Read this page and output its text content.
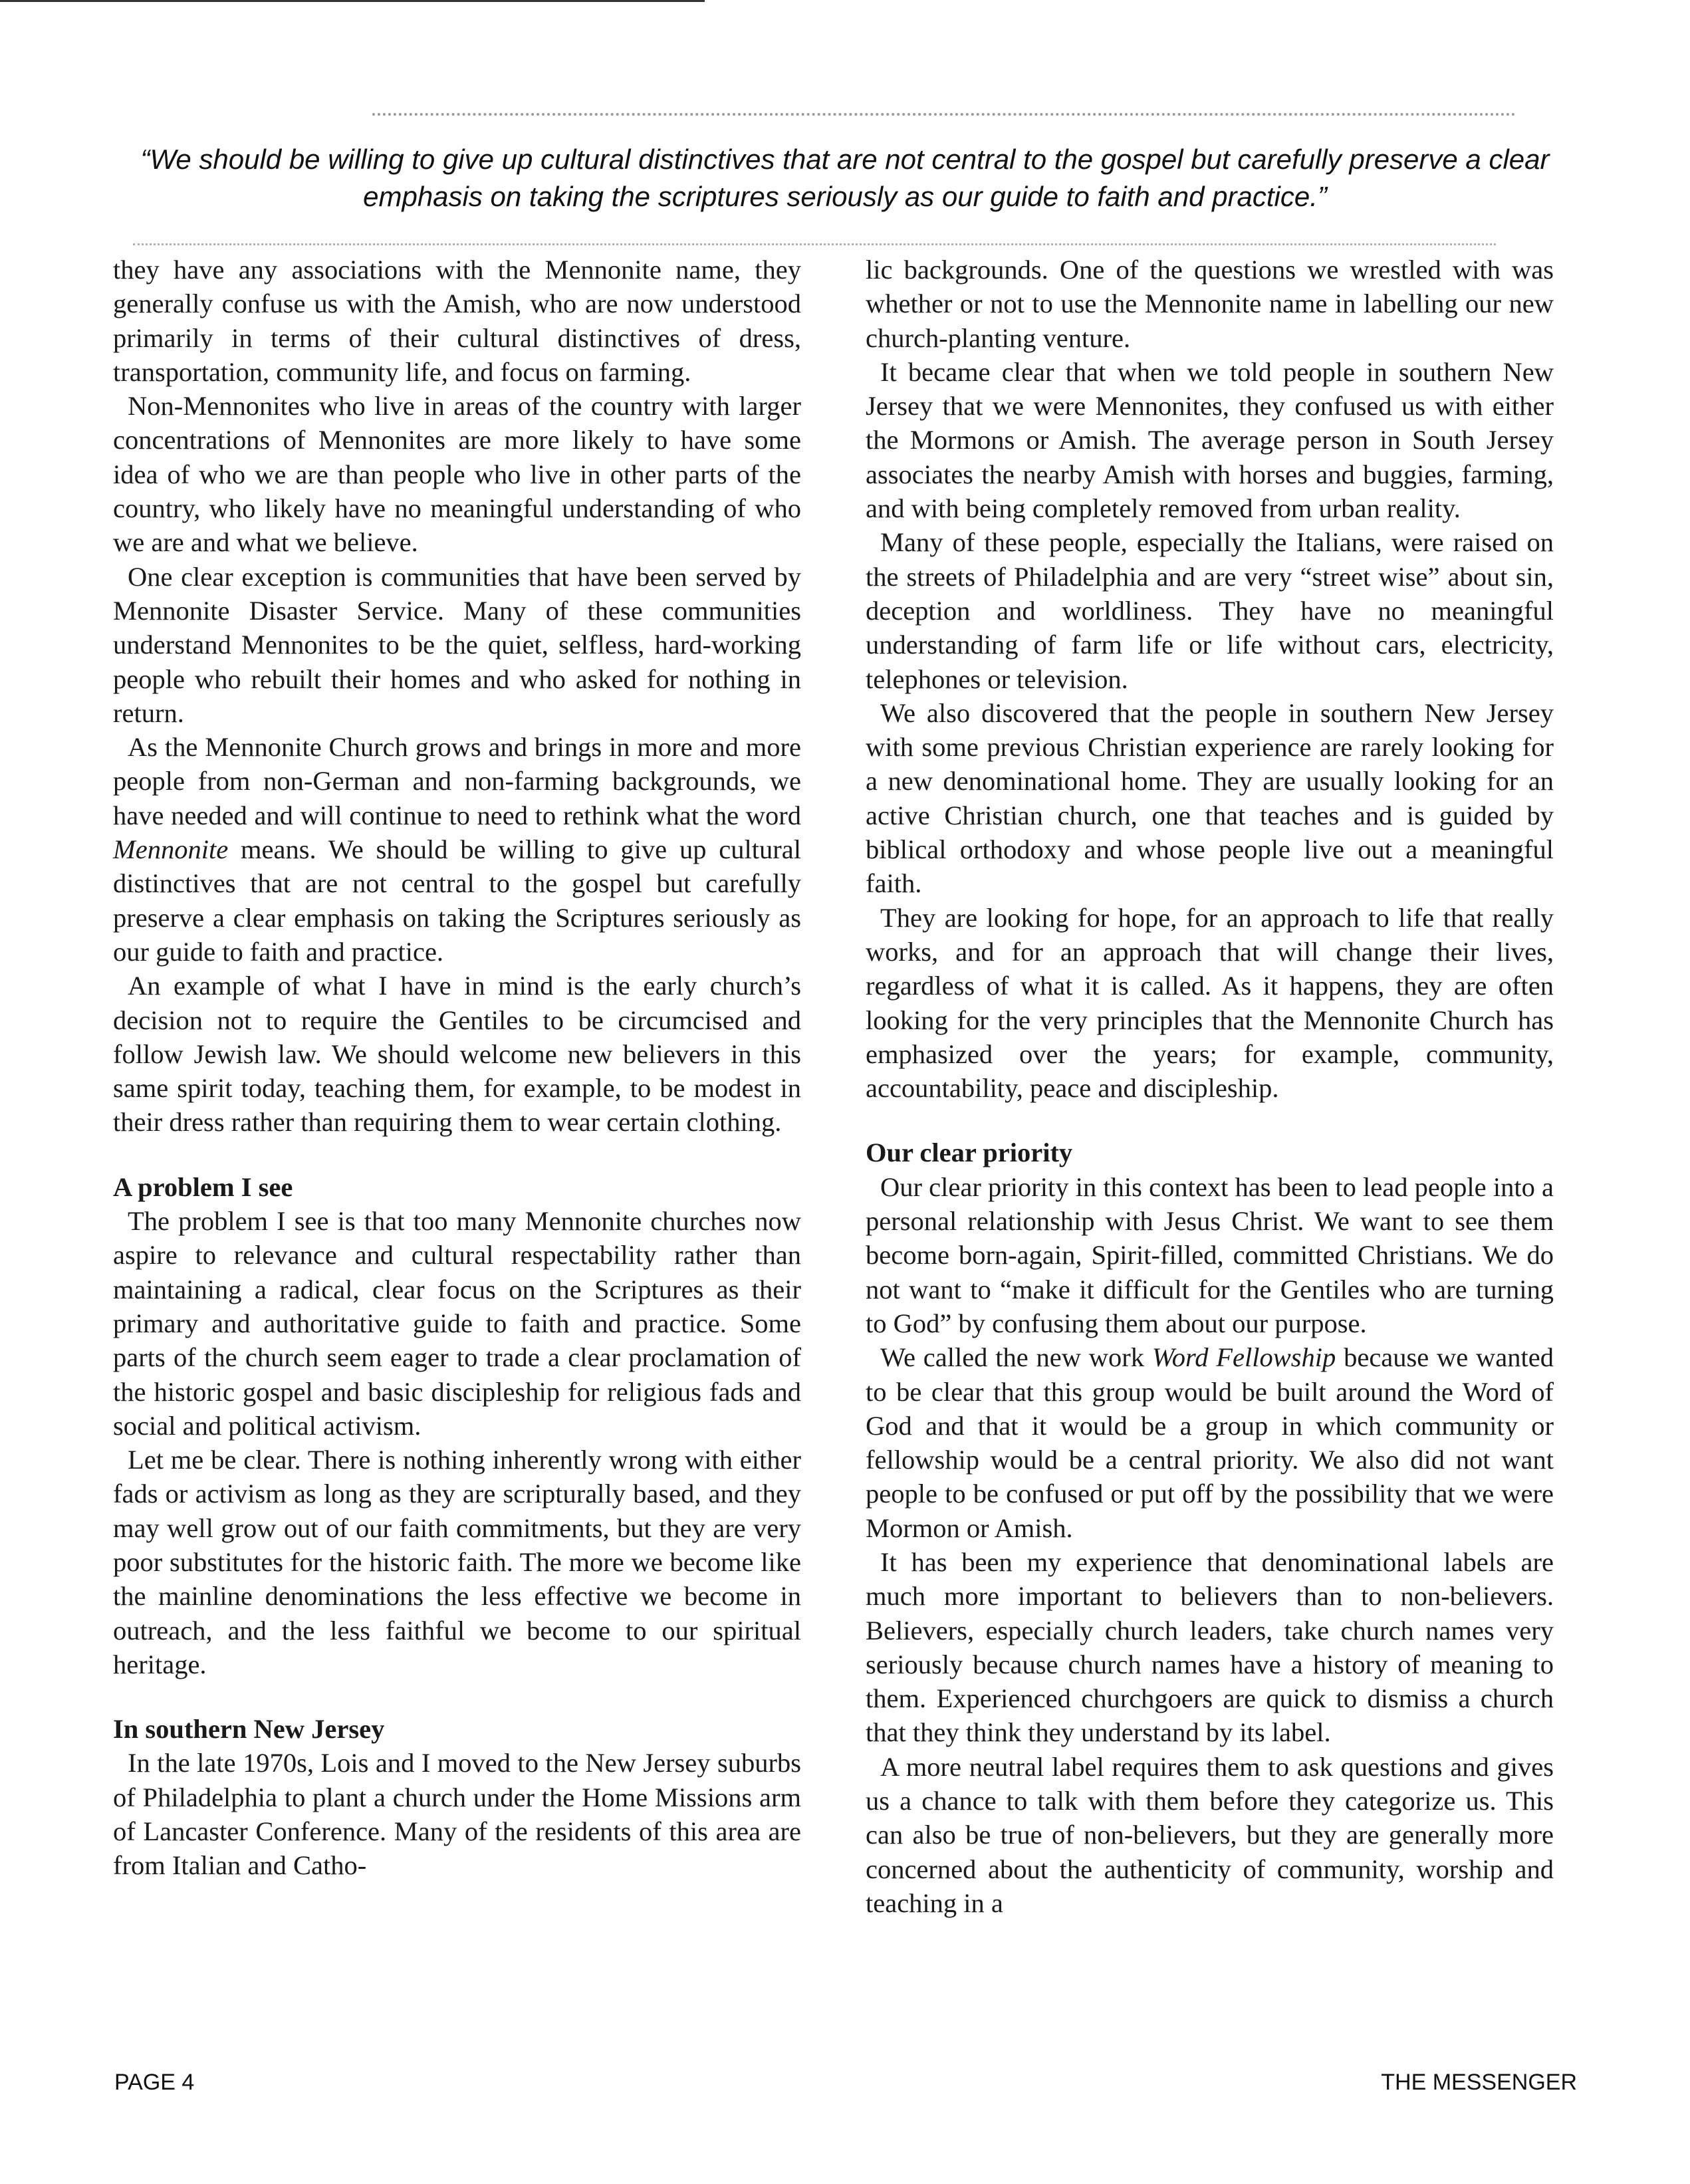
“We should be willing to give up cultural distinctives that are not central to the gospel but carefully preserve a clear emphasis on taking the scriptures seriously as our guide to faith and practice.”

they have any associations with the Mennonite name, they generally confuse us with the Amish, who are now understood primarily in terms of their cultural distinctives of dress, transportation, community life, and focus on farming.

Non-Mennonites who live in areas of the country with larger concentrations of Mennonites are more likely to have some idea of who we are than people who live in other parts of the country, who likely have no meaningful understanding of who we are and what we believe.

One clear exception is communities that have been served by Mennonite Disaster Service. Many of these communities understand Mennonites to be the quiet, selfless, hard-working people who rebuilt their homes and who asked for nothing in return.

As the Mennonite Church grows and brings in more and more people from non-German and non-farming backgrounds, we have needed and will continue to need to rethink what the word Mennonite means. We should be willing to give up cultural distinctives that are not central to the gospel but carefully preserve a clear emphasis on taking the Scriptures seriously as our guide to faith and practice.

An example of what I have in mind is the early church’s decision not to require the Gentiles to be circumcised and follow Jewish law. We should welcome new believers in this same spirit today, teaching them, for example, to be modest in their dress rather than requiring them to wear certain clothing.

A problem I see

The problem I see is that too many Mennonite churches now aspire to relevance and cultural respectability rather than maintaining a radical, clear focus on the Scriptures as their primary and authoritative guide to faith and practice. Some parts of the church seem eager to trade a clear proclamation of the historic gospel and basic discipleship for religious fads and social and political activism.

Let me be clear. There is nothing inherently wrong with either fads or activism as long as they are scripturally based, and they may well grow out of our faith commitments, but they are very poor substitutes for the historic faith. The more we become like the mainline denominations the less effective we become in outreach, and the less faithful we become to our spiritual heritage.

In southern New Jersey

In the late 1970s, Lois and I moved to the New Jersey suburbs of Philadelphia to plant a church under the Home Missions arm of Lancaster Conference. Many of the residents of this area are from Italian and Catho-

lic backgrounds. One of the questions we wrestled with was whether or not to use the Mennonite name in labelling our new church-planting venture.

It became clear that when we told people in southern New Jersey that we were Mennonites, they confused us with either the Mormons or Amish. The average person in South Jersey associates the nearby Amish with horses and buggies, farming, and with being completely removed from urban reality.

Many of these people, especially the Italians, were raised on the streets of Philadelphia and are very “street wise” about sin, deception and worldliness. They have no meaningful understanding of farm life or life without cars, electricity, telephones or television.

We also discovered that the people in southern New Jersey with some previous Christian experience are rarely looking for a new denominational home. They are usually looking for an active Christian church, one that teaches and is guided by biblical orthodoxy and whose people live out a meaningful faith.

They are looking for hope, for an approach to life that really works, and for an approach that will change their lives, regardless of what it is called. As it happens, they are often looking for the very principles that the Mennonite Church has emphasized over the years; for example, community, accountability, peace and discipleship.

Our clear priority

Our clear priority in this context has been to lead people into a personal relationship with Jesus Christ. We want to see them become born-again, Spirit-filled, committed Christians. We do not want to “make it difficult for the Gentiles who are turning to God” by confusing them about our purpose.

We called the new work Word Fellowship because we wanted to be clear that this group would be built around the Word of God and that it would be a group in which community or fellowship would be a central priority. We also did not want people to be confused or put off by the possibility that we were Mormon or Amish.

It has been my experience that denominational labels are much more important to believers than to non-believers. Believers, especially church leaders, take church names very seriously because church names have a history of meaning to them. Experienced churchgoers are quick to dismiss a church that they think they understand by its label.

A more neutral label requires them to ask questions and gives us a chance to talk with them before they categorize us. This can also be true of non-believers, but they are generally more concerned about the authenticity of community, worship and teaching in a

PAGE 4	THE MESSENGER
